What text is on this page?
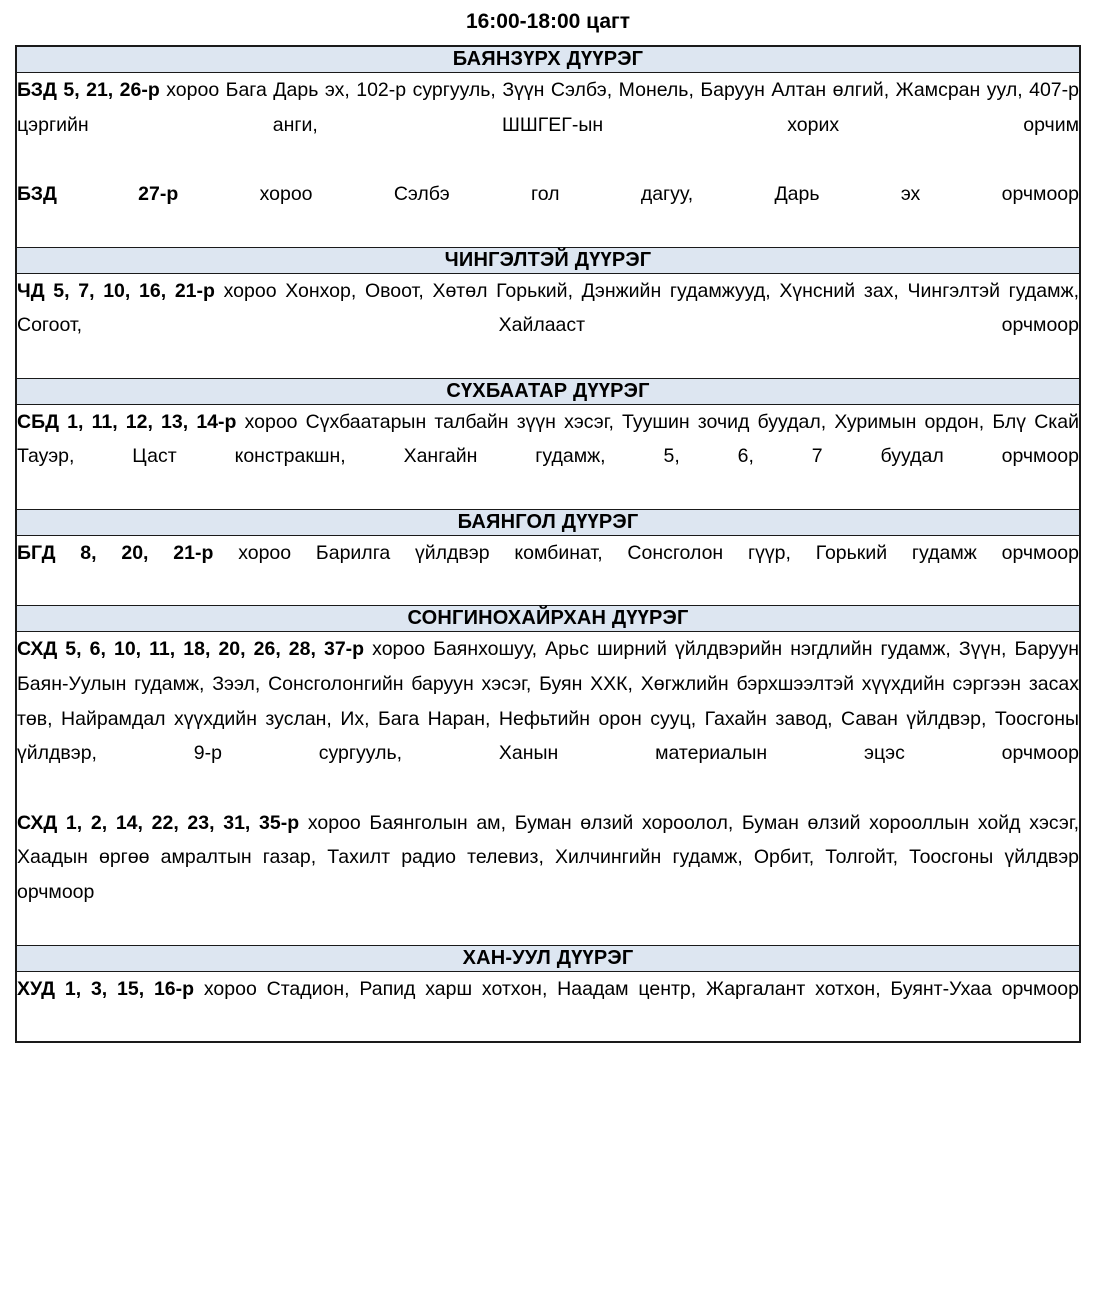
16:00-18:00 цагт
БАЯНЗҮРХ ДҮҮРЭГ

БЗД 5, 21, 26-р хороо Бага Дарь эх, 102-р сургууль, Зүүн Сэлбэ, Монель, Баруун Алтан өлгий, Жамсран уул, 407-р цэргийн анги, ШШГЕГ-ын хорих орчим

БЗД 27-р хороо Сэлбэ гол дагуу, Дарь эх орчмоор

ЧИНГЭЛТЭЙ ДҮҮРЭГ

ЧД 5, 7, 10, 16, 21-р хороо Хонхор, Овоот, Хөтөл Горький, Дэнжийн гудамжууд, Хүнсний зах, Чингэлтэй гудамж, Согоот, Хайлааст орчмоор

СҮХБААТАР ДҮҮРЭГ

СБД 1, 11, 12, 13, 14-р хороо Сүхбаатарын талбайн зүүн хэсэг, Туушин зочид буудал, Хуримын ордон, Блү Скай Тауэр, Цаст констракшн, Хангайн гудамж, 5, 6, 7 буудал орчмоор

БАЯНГОЛ ДҮҮРЭГ

БГД 8, 20, 21-р хороо Барилга үйлдвэр комбинат, Сонсголон гүүр, Горький гудамж орчмоор

СОНГИНОХАЙРХАН ДҮҮРЭГ

СХД 5, 6, 10, 11, 18, 20, 26, 28, 37-р хороо Баянхошуу, Арьс ширний үйлдвэрийн нэгдлийн гудамж, Зүүн, Баруун Баян-Уулын гудамж, Зээл, Сонсголонгийн баруун хэсэг, Буян ХХК, Хөгжлийн бэрхшээлтэй хүүхдийн сэргээн засах төв, Найрамдал хүүхдийн зуслан, Их, Бага Наран, Нефьтийн орон сууц, Гахайн завод, Саван үйлдвэр, Тоосгоны үйлдвэр, 9-р сургууль, Ханын материалын эцэс орчмоор

СХД 1, 2, 14, 22, 23, 31, 35-р хороо Баянголын ам, Буман өлзий хороолол, Буман өлзий хорооллын хойд хэсэг, Хаадын өргөө амралтын газар, Тахилт радио телевиз, Хилчингийн гудамж, Орбит, Толгойт, Тоосгоны үйлдвэр орчмоор

ХАН-УУЛ ДҮҮРЭГ

ХУД 1, 3, 15, 16-р хороо Стадион, Рапид харш хотхон, Наадам центр, Жаргалант хотхон, Буянт-Ухаа орчмоор
